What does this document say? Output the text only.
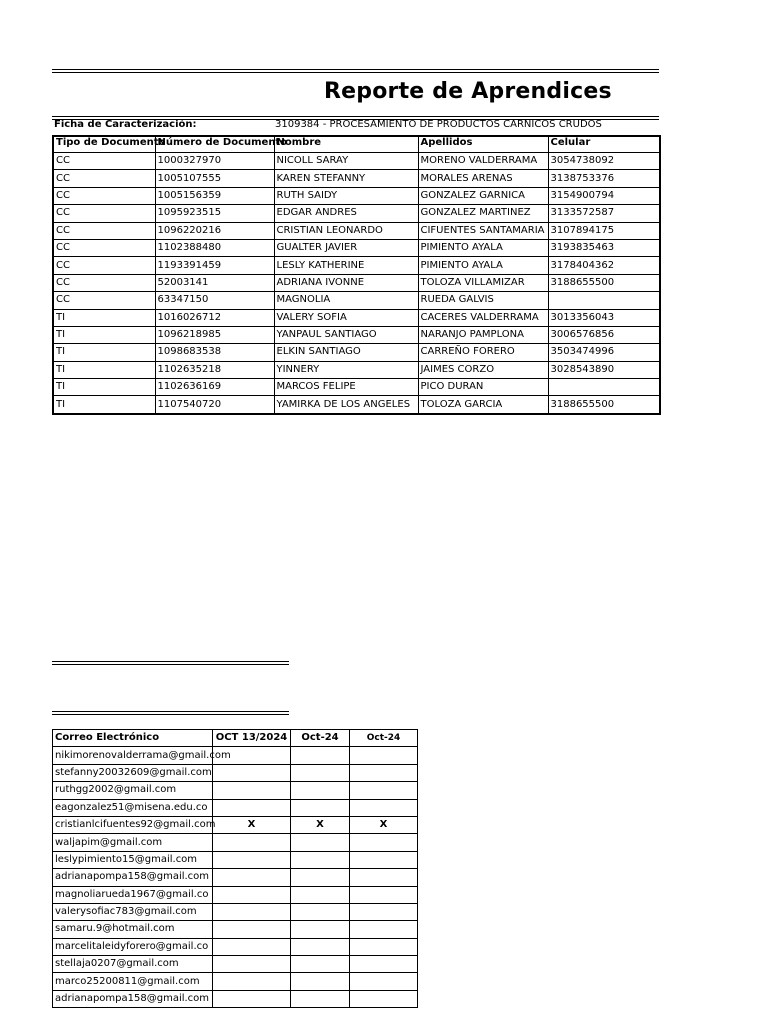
Reporte de Aprendices
Ficha de Caracterización:	3109384 - PROCESAMIENTO DE PRODUCTOS CARNICOS CRUDOS
Tipo de Documento	Número de Documento	Nombre	Apellidos	Celular
CC	1000327970	NICOLL SARAY	MORENO VALDERRAMA	3054738092
CC	1005107555	KAREN STEFANNY	MORALES ARENAS	3138753376
CC	1005156359	RUTH SAIDY	GONZALEZ GARNICA	3154900794
CC	1095923515	EDGAR ANDRES	GONZALEZ MARTINEZ	3133572587
CC	1096220216	CRISTIAN LEONARDO	CIFUENTES SANTAMARIA	3107894175
CC	1102388480	GUALTER JAVIER	PIMIENTO AYALA	3193835463
CC	1193391459	LESLY KATHERINE	PIMIENTO AYALA	3178404362
CC	52003141	ADRIANA IVONNE	TOLOZA VILLAMIZAR	3188655500
CC	63347150	MAGNOLIA	RUEDA GALVIS	
TI	1016026712	VALERY SOFIA	CACERES VALDERRAMA	3013356043
TI	1096218985	YANPAUL SANTIAGO	NARANJO PAMPLONA	3006576856
TI	1098683538	ELKIN SANTIAGO	CARREÑO FORERO	3503474996
TI	1102635218	YINNERY	JAIMES CORZO	3028543890
TI	1102636169	MARCOS FELIPE	PICO DURAN	
TI	1107540720	YAMIRKA DE LOS ANGELES	TOLOZA GARCIA	3188655500
Correo Electrónico	OCT 13/2024	Oct-24	Oct-24
nikimorenovalderrama@gmail.com			
stefanny20032609@gmail.com			
ruthgg2002@gmail.com			
eagonzalez51@misena.edu.co			
cristianlcifuentes92@gmail.com	X	X	X
waljapim@gmail.com			
leslypimiento15@gmail.com			
adrianapompa158@gmail.com			
magnoliarueda1967@gmail.co			
valerysofiac783@gmail.com			
samaru.9@hotmail.com			
marcelitaleidyforero@gmail.co			
stellaja0207@gmail.com			
marco25200811@gmail.com			
adrianapompa158@gmail.com			
